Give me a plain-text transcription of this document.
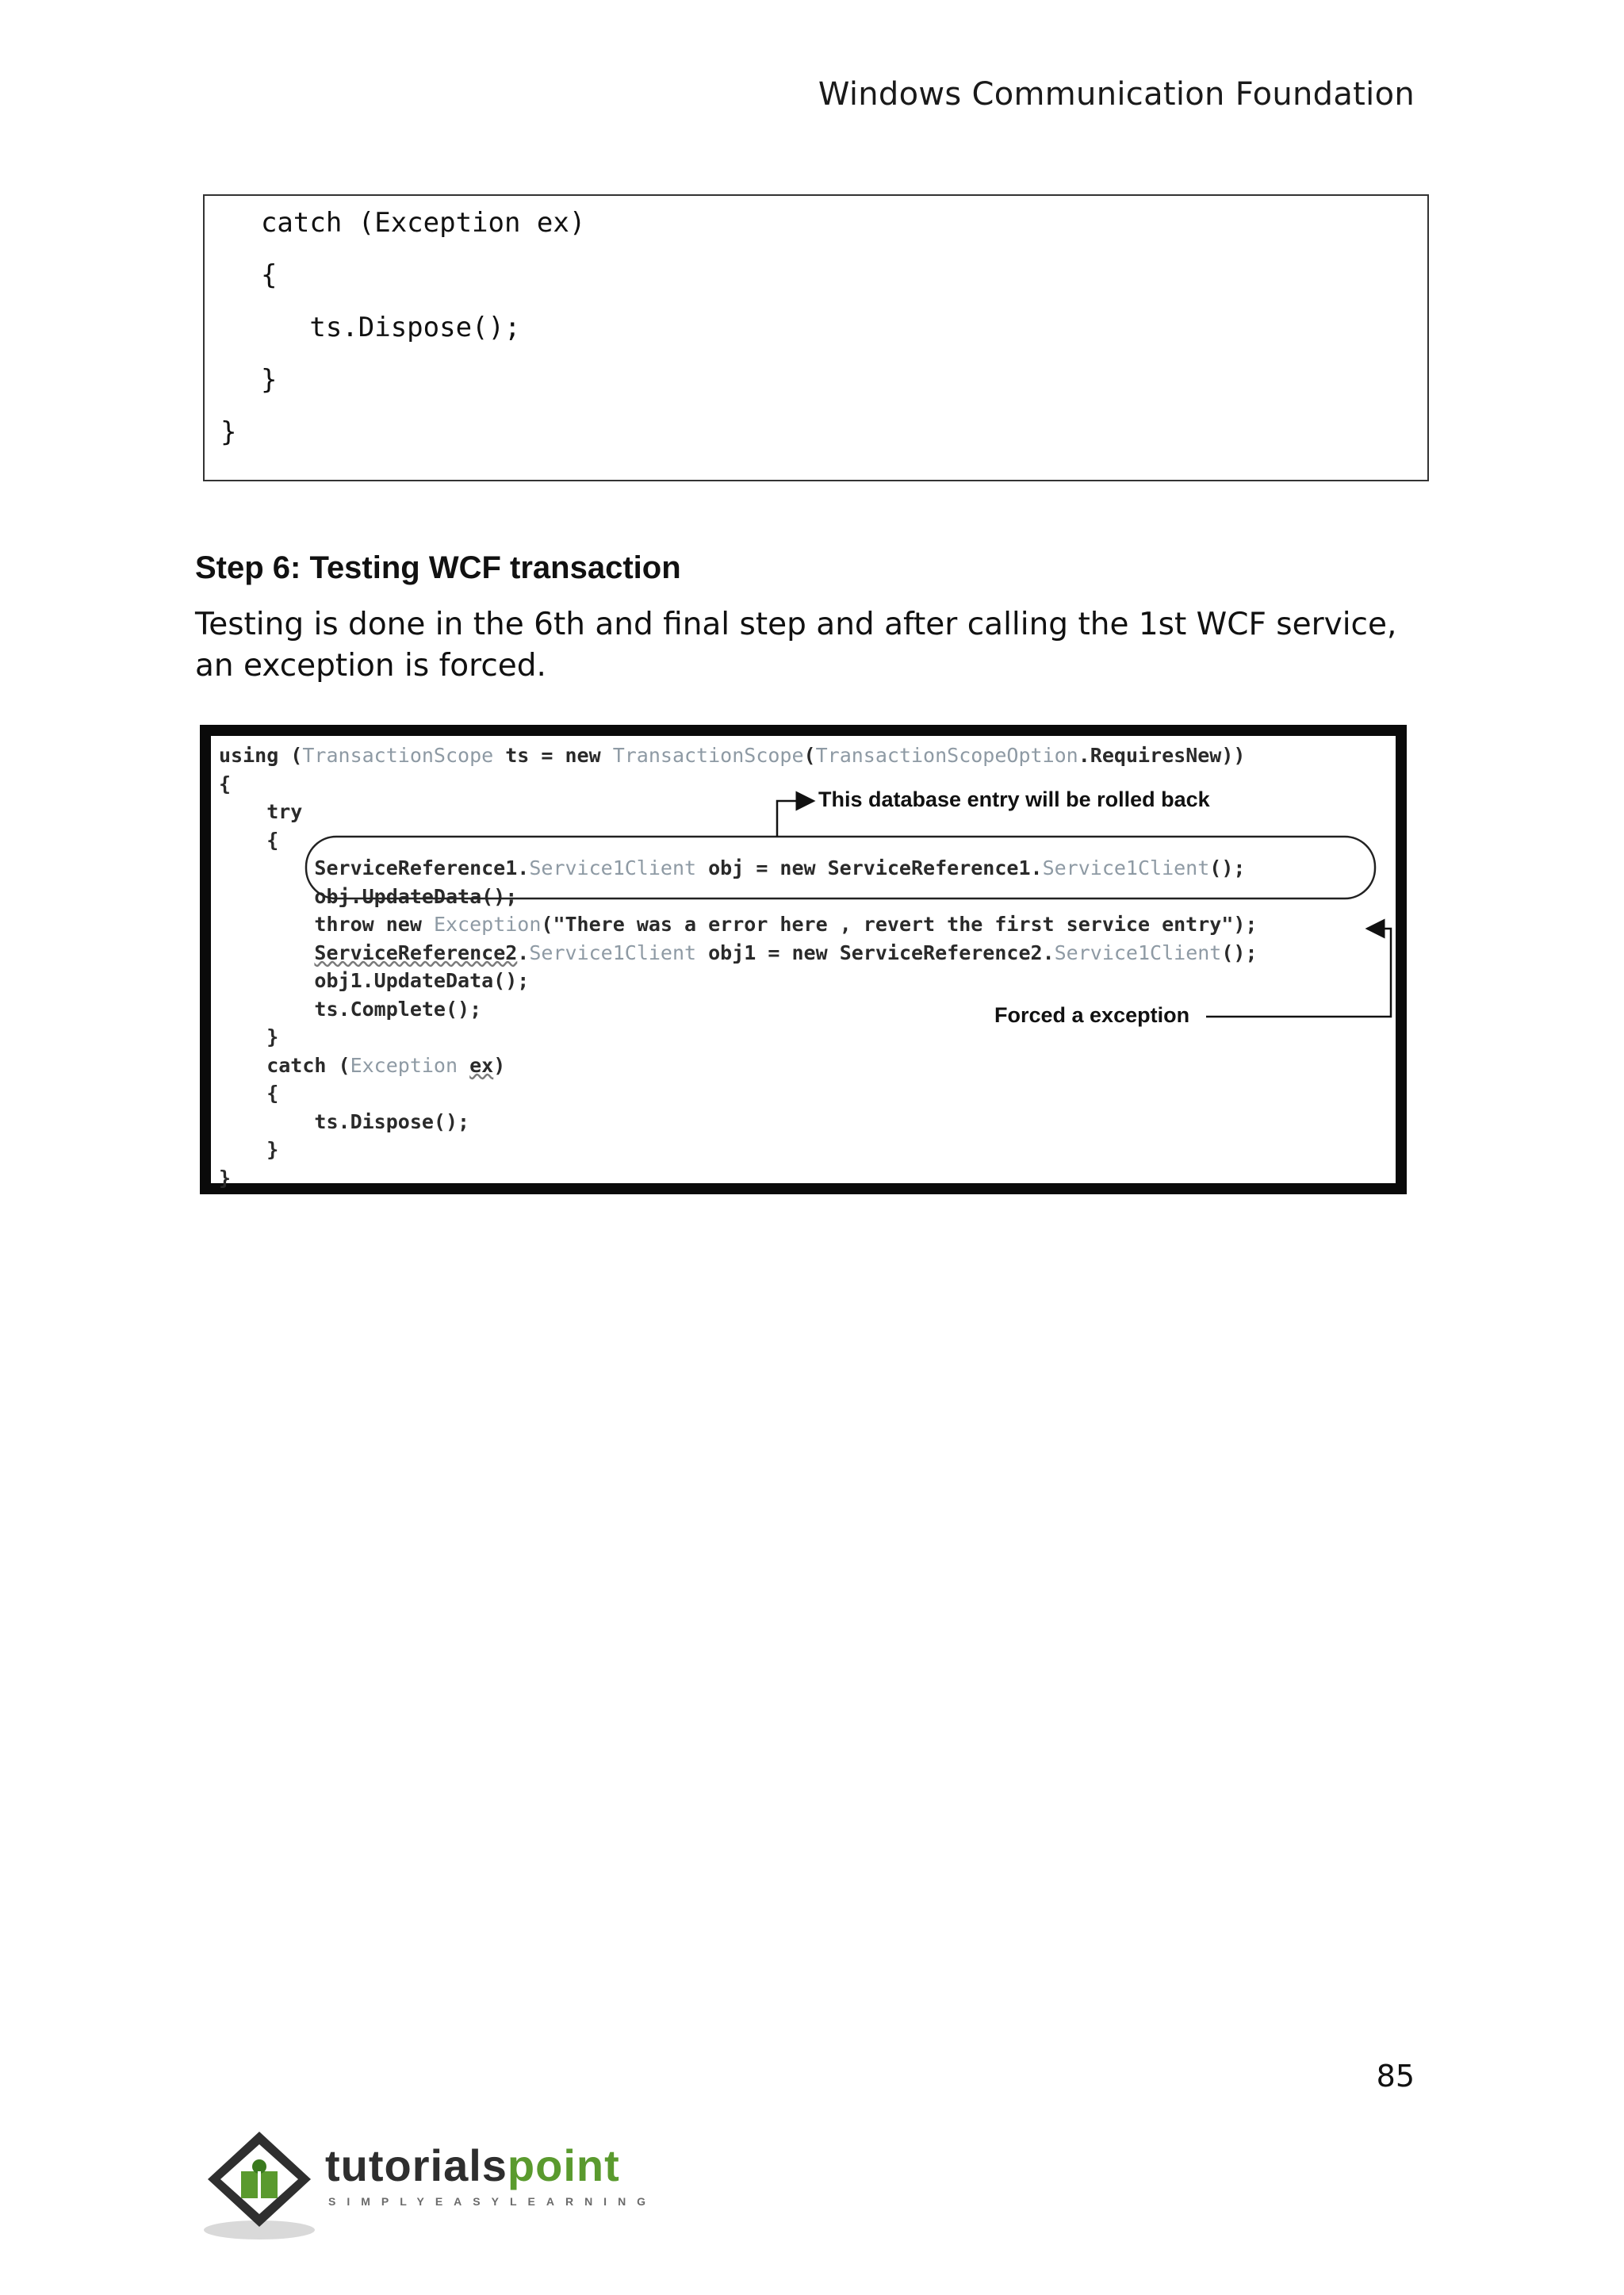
Windows Communication Foundation
catch (Exception ex)
{
ts.Dispose();
}
}
Step 6: Testing WCF transaction
Testing is done in the 6th and final step and after calling the 1st WCF service, an exception is forced.
using (TransactionScope ts = new TransactionScope(TransactionScopeOption.RequiresNew))
{
try
{
ServiceReference1.Service1Client obj = new ServiceReference1.Service1Client();
obj.UpdateData();
throw new Exception("There was a error here , revert the first service entry");
ServiceReference2.Service1Client obj1 = new ServiceReference2.Service1Client();
obj1.UpdateData();
ts.Complete();
}
catch (Exception ex)
{
ts.Dispose();
}
}
This database entry will be rolled back
Forced a exception
85
tutorialspoint
SIMPLYEASYLEARNING
